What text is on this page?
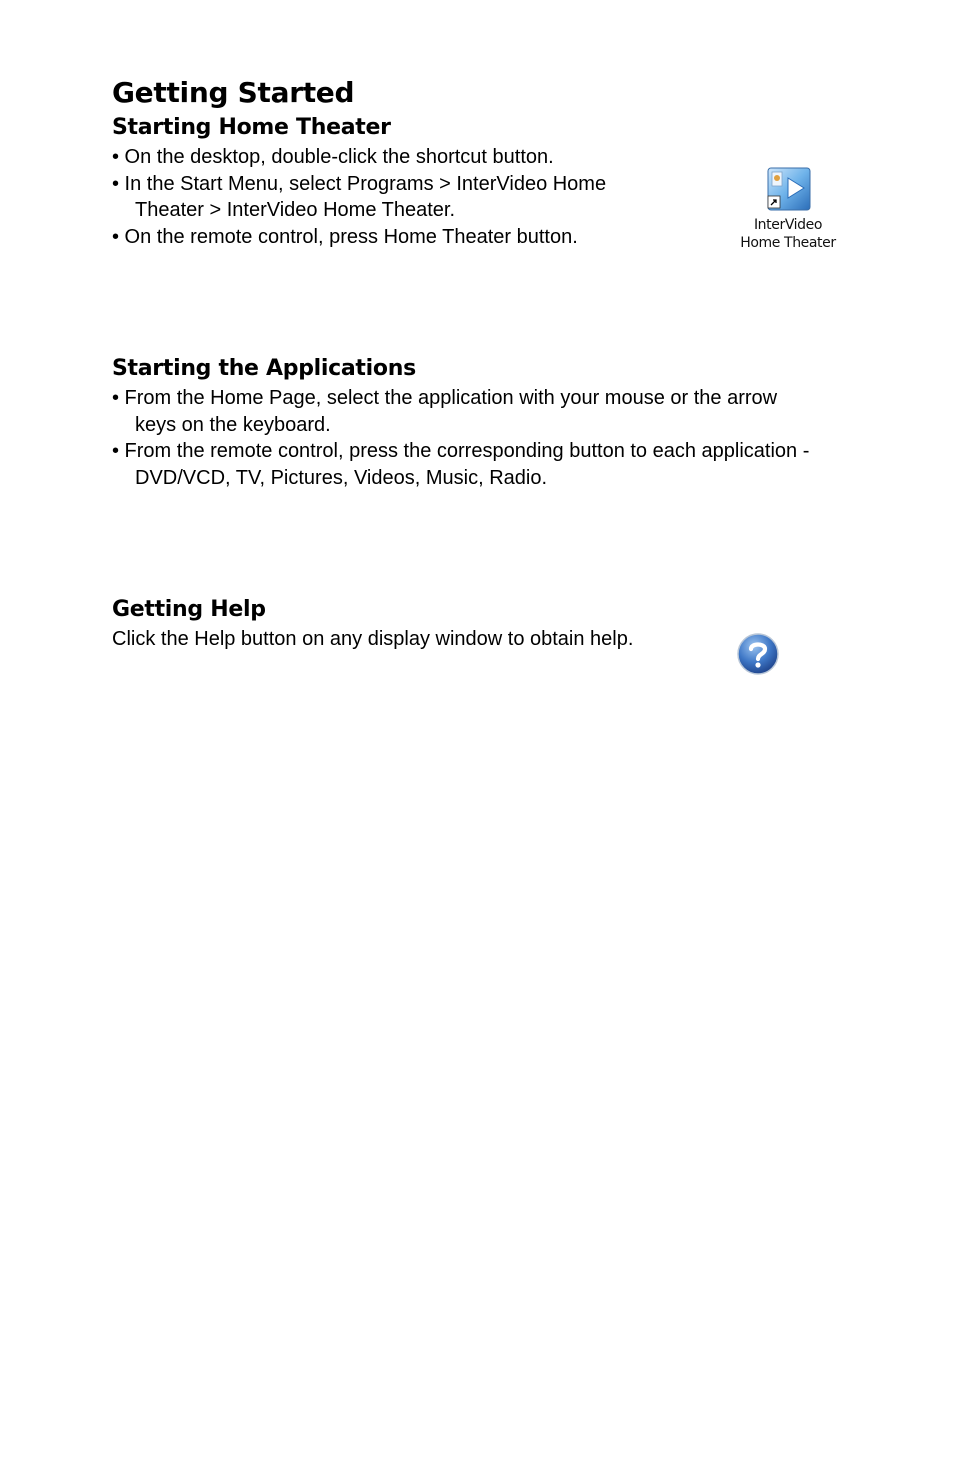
Getting Started
Starting Home Theater
• On the desktop, double-click the shortcut button.
• In the Start Menu, select Programs > InterVideo Home
Theater > InterVideo Home Theater.
• On the remote control, press Home Theater button.
InterVideo
Home Theater
Starting the Applications
• From the Home Page, select the application with your mouse or the arrow
keys on the keyboard.
• From the remote control, press the corresponding button to each application -
DVD/VCD, TV, Pictures, Videos, Music, Radio.
Getting Help
Click the Help button on any display window to obtain help.
